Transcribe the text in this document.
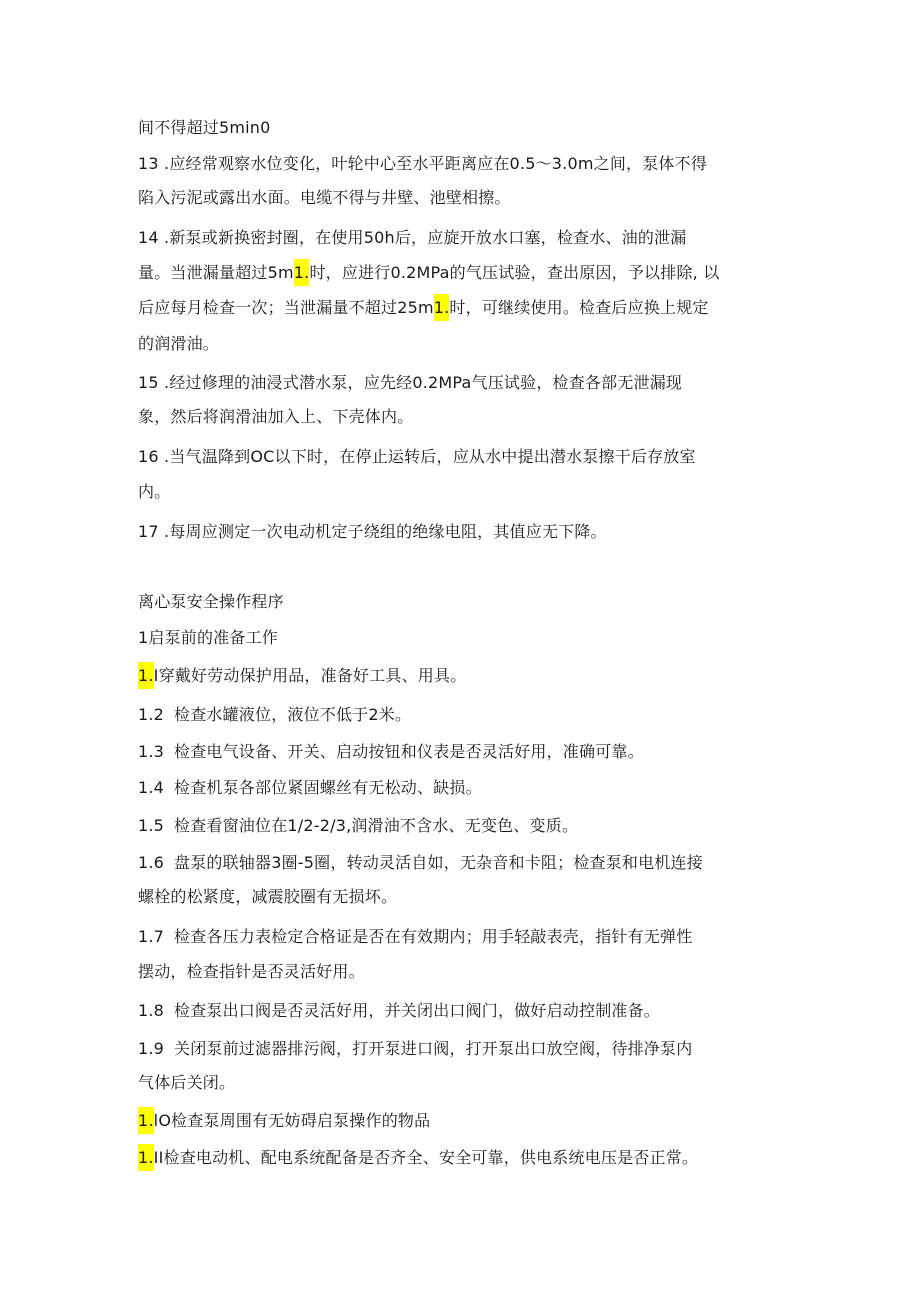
间不得超过5min0
13 .应经常观察水位变化，叶轮中心至水平距离应在0.5～3.0m之间，泵体不得
陷入污泥或露出水面。电缆不得与井壁、池壁相擦。
14 .新泵或新换密封圈，在使用50h后，应旋开放水口塞，检查水、油的泄漏
量。当泄漏量超过5m1.时，应进行0.2MPa的气压试验，查出原因，予以排除, 以
后应每月检查一次；当泄漏量不超过25m1.时，可继续使用。检查后应换上规定
的润滑油。
15 .经过修理的油浸式潜水泵，应先经0.2MPa气压试验，检查各部无泄漏现
象，然后将润滑油加入上、下壳体内。
16 .当气温降到OC以下时，在停止运转后，应从水中提出潜水泵擦干后存放室
内。
17 .每周应测定一次电动机定子绕组的绝缘电阻，其值应无下降。
离心泵安全操作程序
1启泵前的准备工作
1.I穿戴好劳动保护用品，准备好工具、用具。
1.2 检查水罐液位，液位不低于2米。
1.3 检查电气设备、开关、启动按钮和仪表是否灵活好用，准确可靠。
1.4 检查机泵各部位紧固螺丝有无松动、缺损。
1.5 检查看窗油位在1/2-2/3,润滑油不含水、无变色、变质。
1.6 盘泵的联轴器3圈-5圈，转动灵活自如，无杂音和卡阻；检查泵和电机连接
螺栓的松紧度，减震胶圈有无损坏。
1.7 检查各压力表检定合格证是否在有效期内；用手轻敲表壳，指针有无弹性
摆动，检查指针是否灵活好用。
1.8 检查泵出口阀是否灵活好用，并关闭出口阀门，做好启动控制准备。
1.9 关闭泵前过滤器排污阀，打开泵进口阀，打开泵出口放空阀，待排净泵内
气体后关闭。
1.lO检查泵周围有无妨碍启泵操作的物品
1.II检查电动机、配电系统配备是否齐全、安全可靠，供电系统电压是否正常。
